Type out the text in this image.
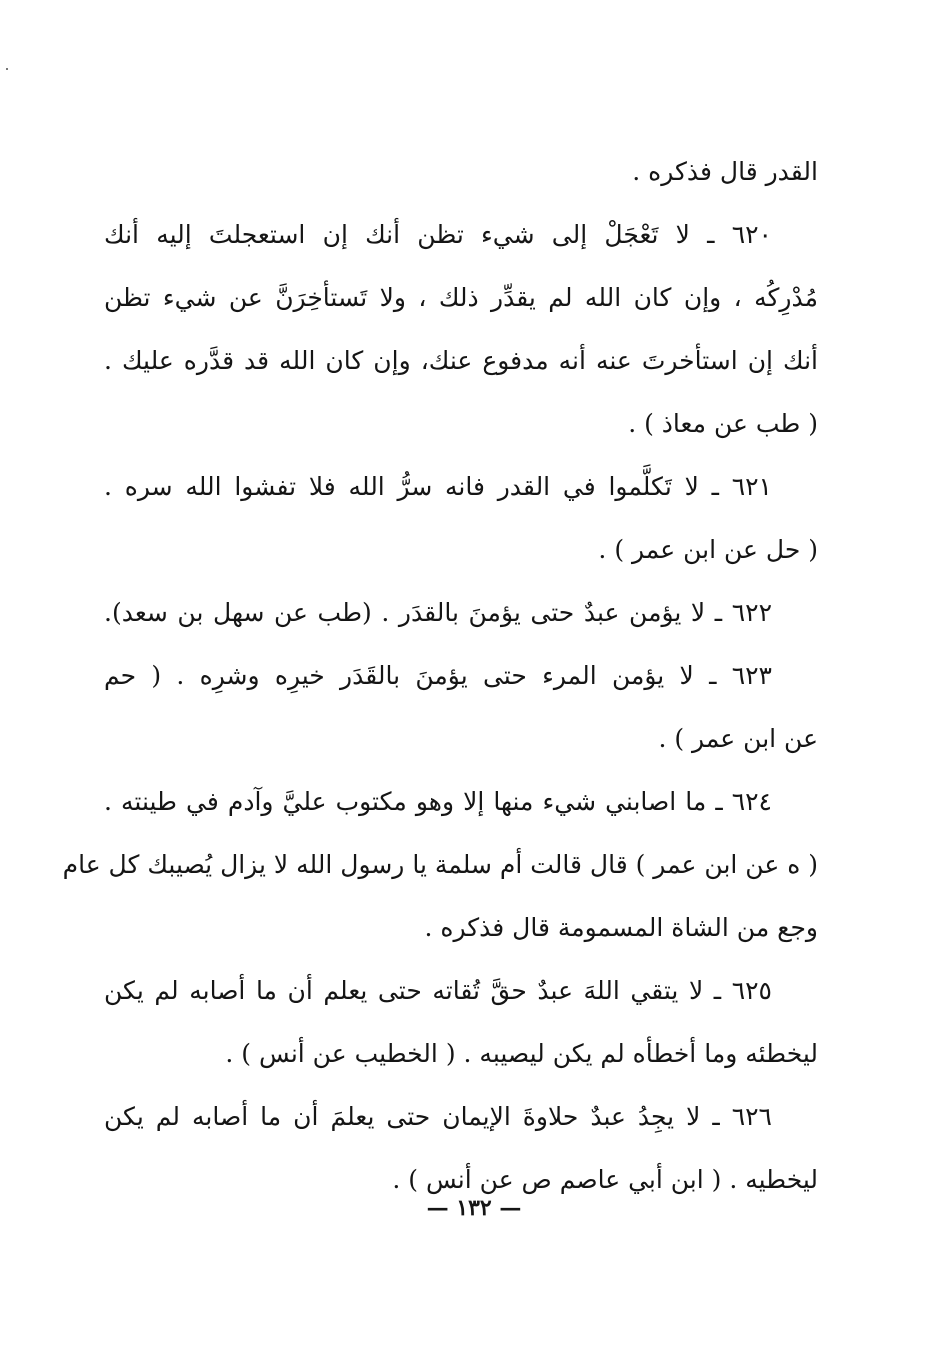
القدر قال فذكره .
٦٢٠ ـ لا تَعْجَلْ إلى شيء تظن أنك إن استعجلتَ إليه أنك
مُدْرِكُه ، وإن كان الله لم يقدِّر ذلك ، ولا تَستأخِرَنَّ عن شيء تظن
أنك إن استأخرتَ عنه أنه مدفوع عنك، وإن كان الله قد قدَّره عليك .
( طب عن معاذ ) .
٦٢١ ـ لا تَكلَّموا في القدر فانه سرُّ الله فلا تفشوا الله سره .
( حل عن ابن عمر ) .
٦٢٢ ـ لا يؤمن عبدٌ حتى يؤمنَ بالقدَر . (طب عن سهل بن سعد).
٦٢٣ ـ لا يؤمن المرء حتى يؤمنَ بالقَدَر خيرِه وشرِه . ( حم
عن ابن عمر ) .
٦٢٤ ـ ما اصابني شيء منها إلا وهو مكتوب عليَّ وآدم في طينته .
( ه عن ابن عمر ) قال قالت أم سلمة يا رسول الله لا يزال يُصيبك كل عام
وجع من الشاة المسمومة قال فذكره .
٦٢٥ ـ لا يتقي اللهَ عبدٌ حقَّ تُقاته حتى يعلم أن ما أصابه لم يكن
ليخطئه وما أخطأه لم يكن ليصيبه . ( الخطيب عن أنس ) .
٦٢٦ ـ لا يجِدُ عبدٌ حلاوةَ الإيمان حتى يعلمَ أن ما أصابه لم يكن
ليخطيه . ( ابن أبي عاصم ص عن أنس ) .
— ١٣٢ —
